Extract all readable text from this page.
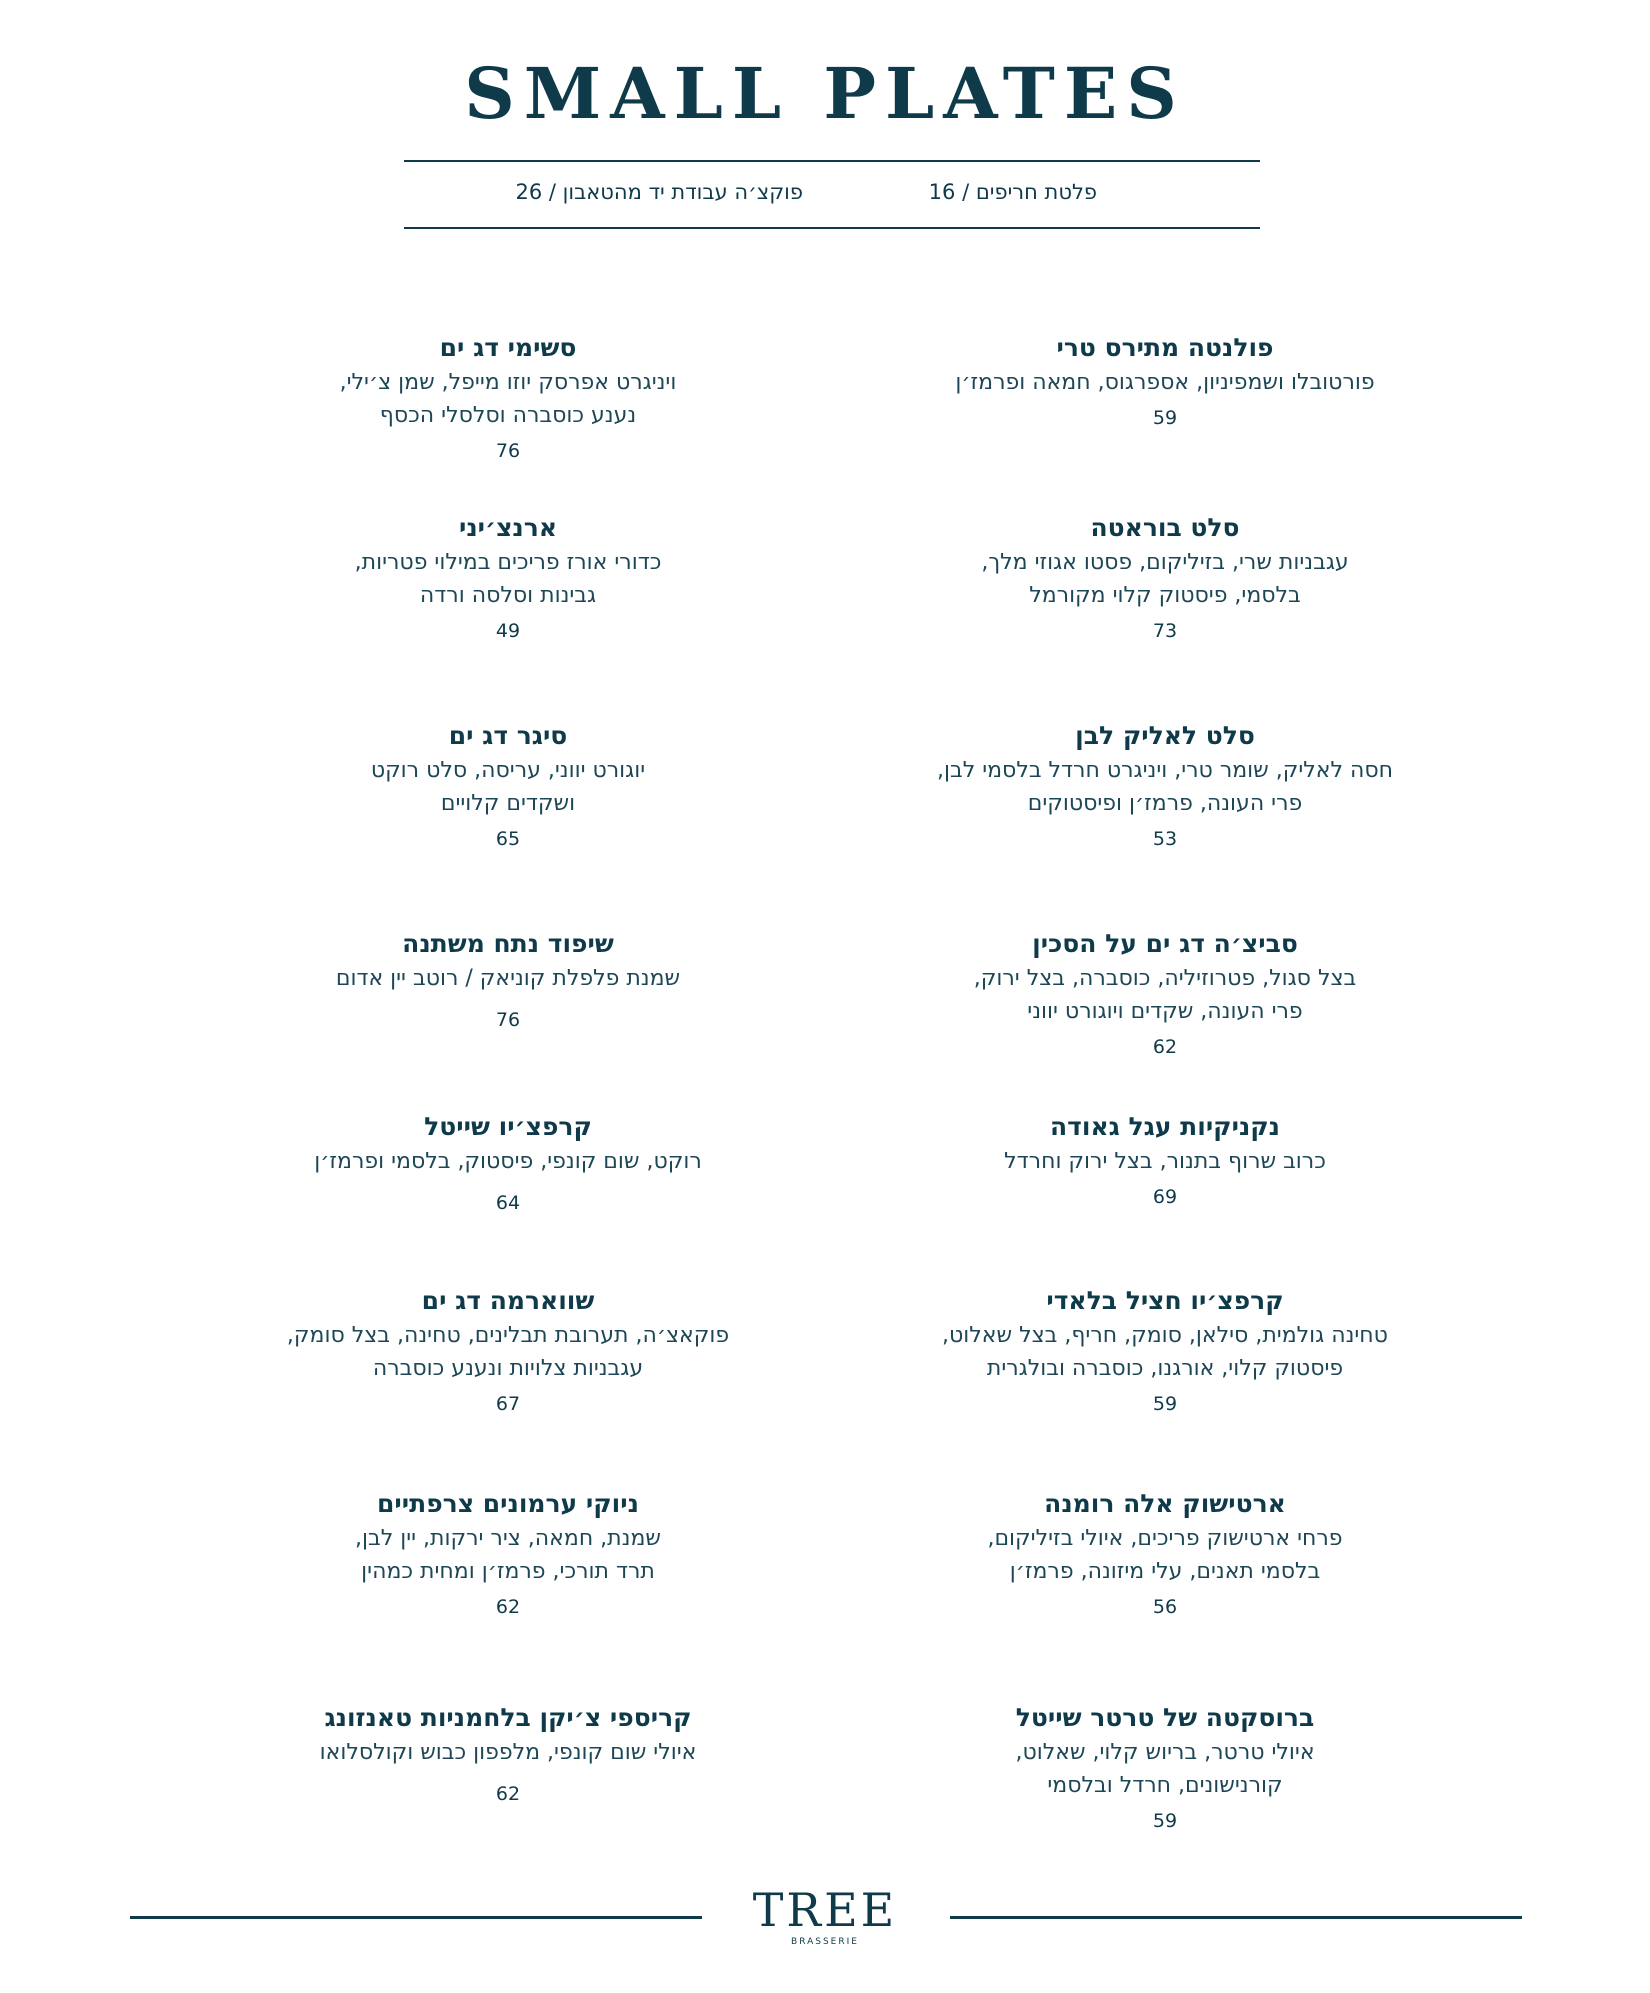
SMALL PLATES
פלטת חריפים / 16
פוקצ׳ה עבודת יד מהטאבון / 26
פולנטה מתירס טרי
פורטובלו ושמפיניון, אספרגוס, חמאה ופרמז׳ן
59
סשימי דג ים
ויניגרט אפרסק יוזו מייפל, שמן צ׳ילי,
נענע כוסברה וסלסלי הכסף
76
סלט בוראטה
עגבניות שרי, בזיליקום, פסטו אגוזי מלך,
בלסמי, פיסטוק קלוי מקורמל
73
ארנצ׳יני
כדורי אורז פריכים במילוי פטריות,
גבינות וסלסה ורדה
49
סלט לאליק לבן
חסה לאליק, שומר טרי, ויניגרט חרדל בלסמי לבן,
פרי העונה, פרמז׳ן ופיסטוקים
53
סיגר דג ים
יוגורט יווני, עריסה, סלט רוקט
ושקדים קלויים
65
סביצ׳ה דג ים על הסכין
בצל סגול, פטרוזיליה, כוסברה, בצל ירוק,
פרי העונה, שקדים ויוגורט יווני
62
שיפוד נתח משתנה
שמנת פלפלת קוניאק / רוטב יין אדום
76
נקניקיות עגל גאודה
כרוב שרוף בתנור, בצל ירוק וחרדל
69
קרפצ׳יו שייטל
רוקט, שום קונפי, פיסטוק, בלסמי ופרמז׳ן
64
קרפצ׳יו חציל בלאדי
טחינה גולמית, סילאן, סומק, חריף, בצל שאלוט,
פיסטוק קלוי, אורגנו, כוסברה ובולגרית
59
שווארמה דג ים
פוקאצ׳ה, תערובת תבלינים, טחינה, בצל סומק,
עגבניות צלויות ונענע כוסברה
67
ארטישוק אלה רומנה
פרחי ארטישוק פריכים, איולי בזיליקום,
בלסמי תאנים, עלי מיזונה, פרמז׳ן
56
ניוקי ערמונים צרפתיים
שמנת, חמאה, ציר ירקות, יין לבן,
תרד תורכי, פרמז׳ן ומחית כמהין
62
ברוסקטה של טרטר שייטל
איולי טרטר, בריוש קלוי, שאלוט,
קורנישונים, חרדל ובלסמי
59
קריספי צ׳יקן בלחמניות טאנזונג
איולי שום קונפי, מלפפון כבוש וקולסלואו
62
TREE
BRASSERIE
